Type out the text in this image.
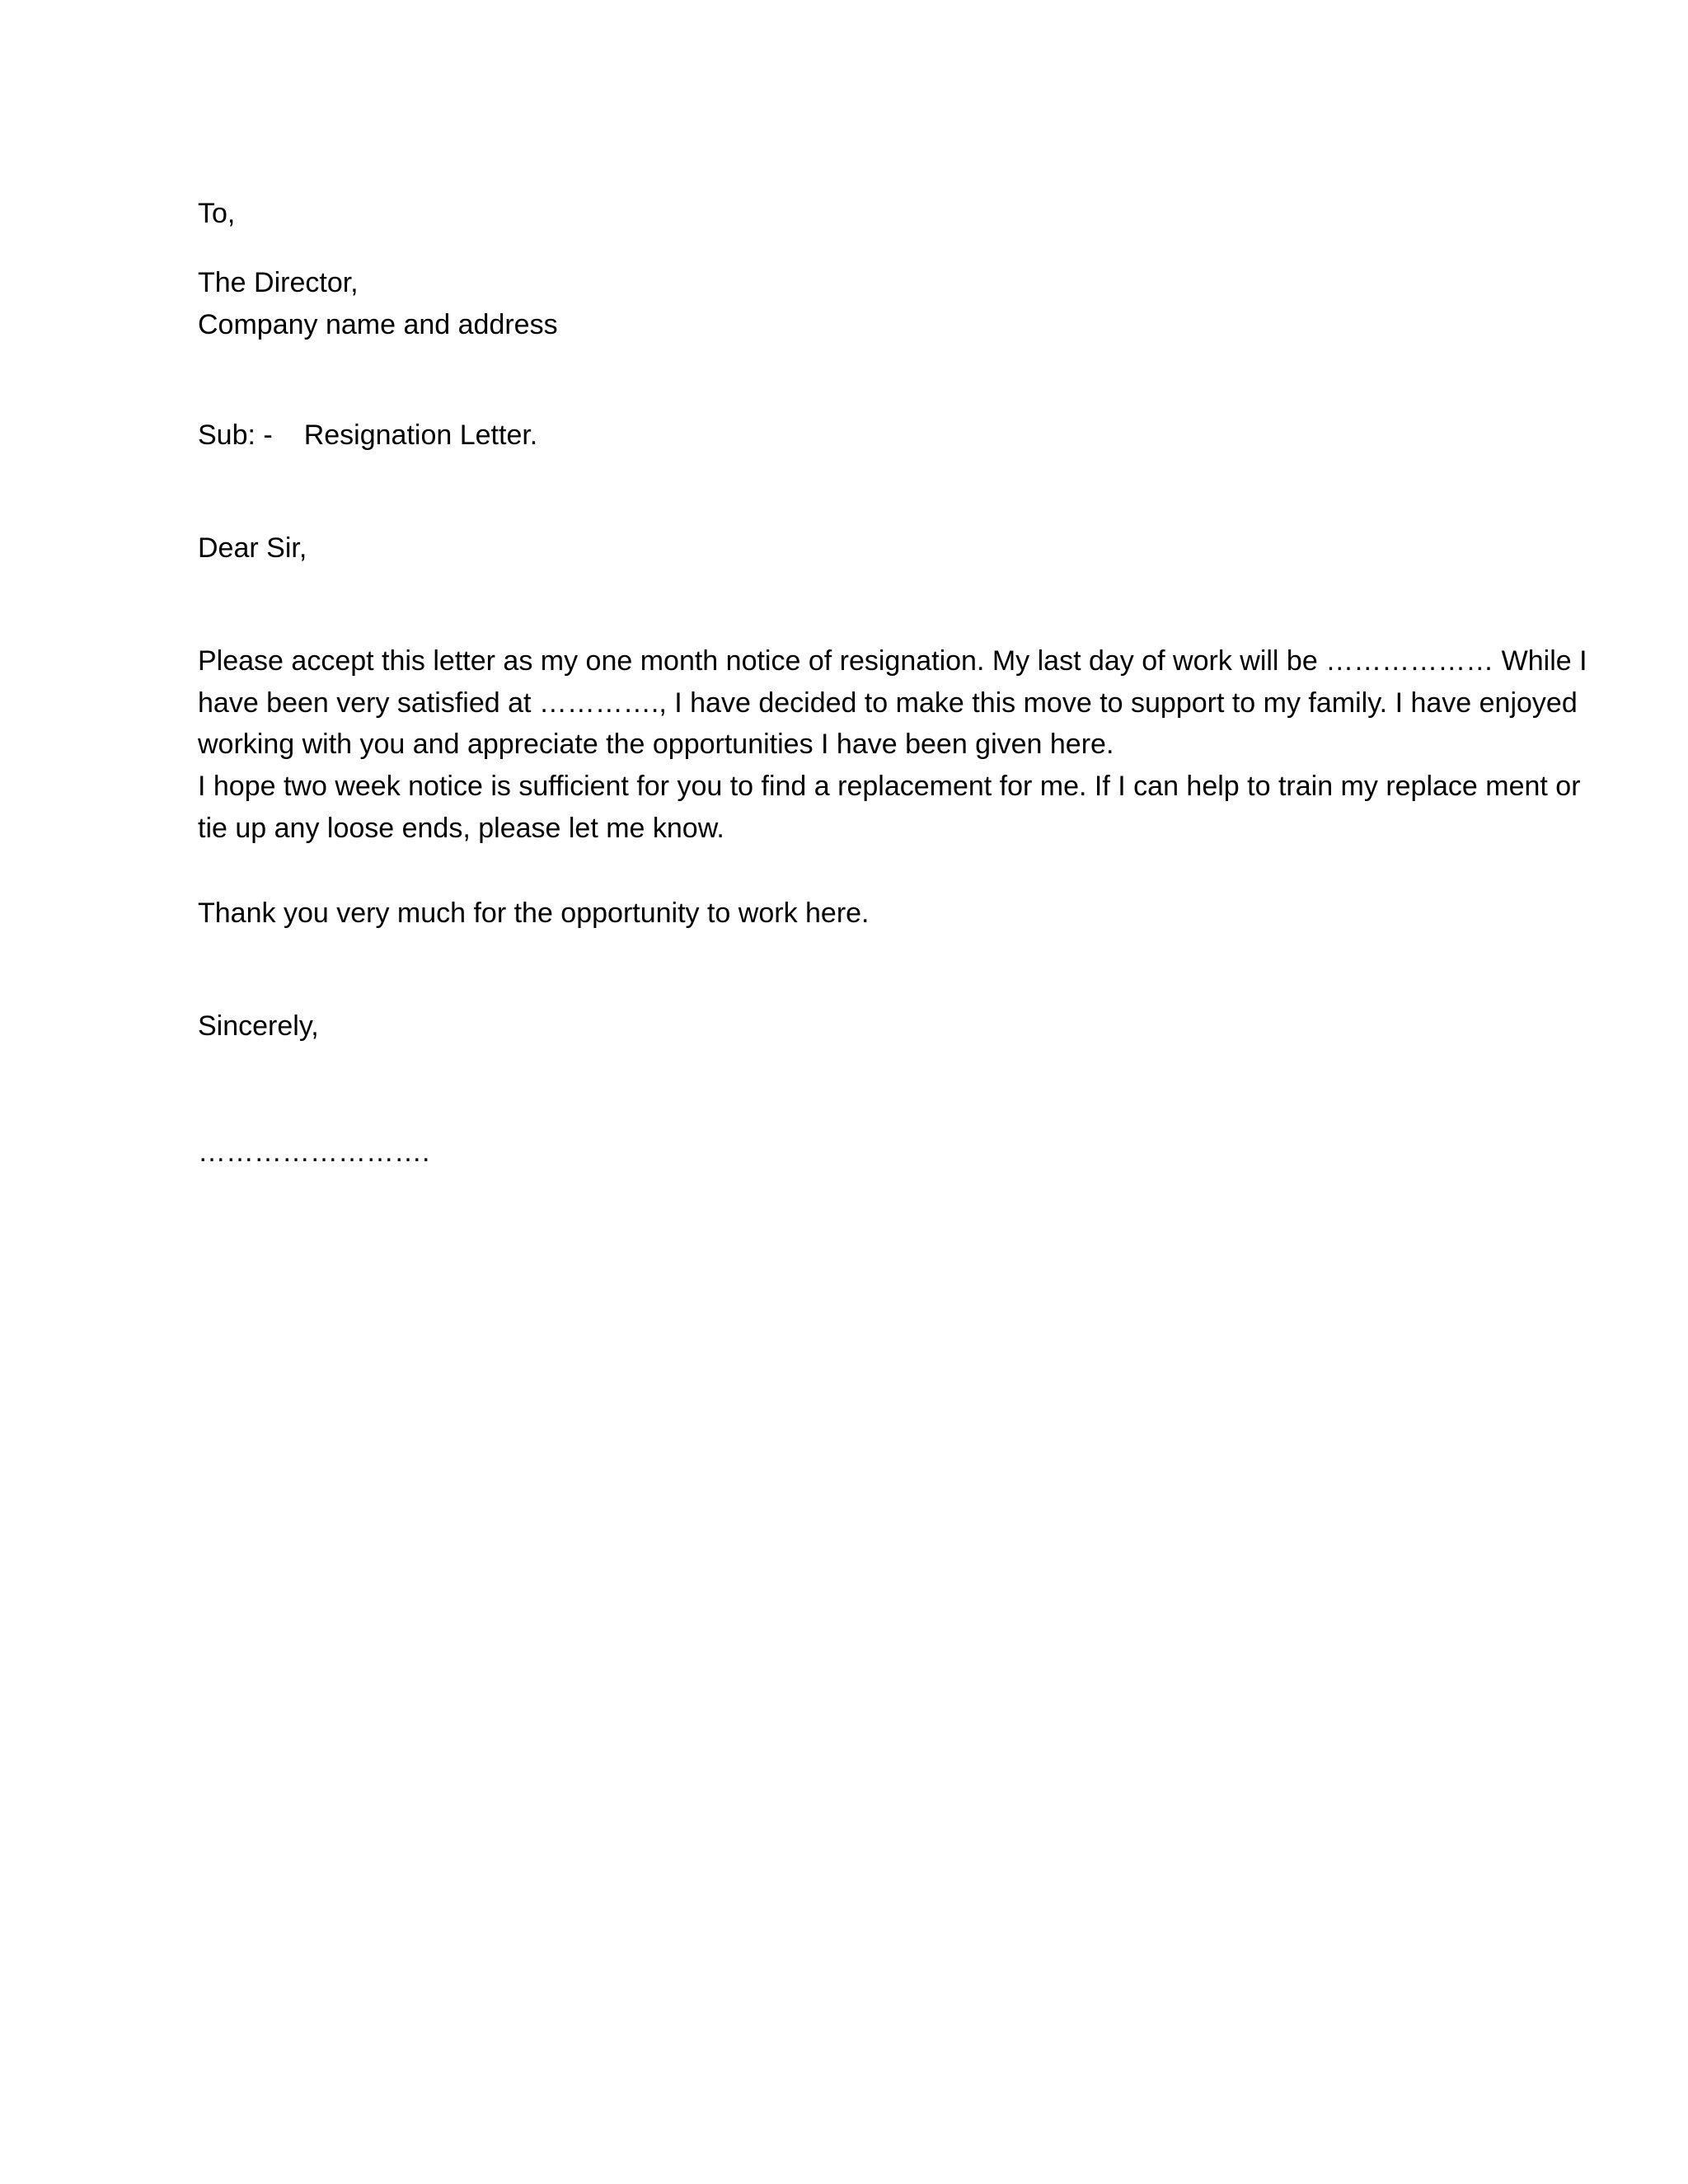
To,

The Director,

Company name and address

Sub: - Resignation Letter.

Dear Sir,

Please accept this letter as my one month notice of resignation. My last day of work will be ……………… While I

have been very satisfied at …………., I have decided to make this move to support to my family. I have enjoyed

working with you and appreciate the opportunities I have been given here.

I hope two week notice is sufficient for you to find a replacement for me. If I can help to train my replace ment or

tie up any loose ends, please let me know.

Thank you very much for the opportunity to work here.

Sincerely,

…………………….
